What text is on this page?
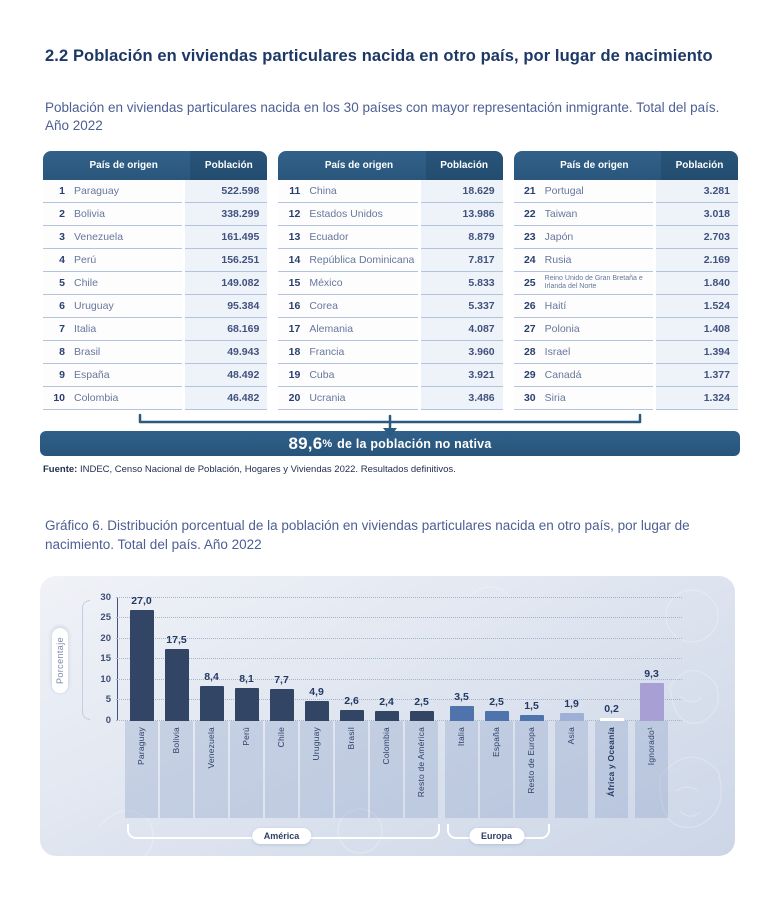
2.2 Población en viviendas particulares nacida en otro país, por lugar de nacimiento
Población en viviendas particulares nacida en los 30 países con mayor representación inmigrante. Total del país. Año 2022
País de origen	Población
1 Paraguay	522.598
2 Bolivia	338.299
3 Venezuela	161.495
4 Perú	156.251
5 Chile	149.082
6 Uruguay	95.384
7 Italia	68.169
8 Brasil	49.943
9 España	48.492
10 Colombia	46.482
País de origen	Población
11 China	18.629
12 Estados Unidos	13.986
13 Ecuador	8.879
14 República Dominicana	7.817
15 México	5.833
16 Corea	5.337
17 Alemania	4.087
18 Francia	3.960
19 Cuba	3.921
20 Ucrania	3.486
País de origen	Población
21 Portugal	3.281
22 Taiwan	3.018
23 Japón	2.703
24 Rusia	2.169
25	Reino Unido de Gran Bretaña e Irlanda del Norte	1.840
26 Haití	1.524
27 Polonia	1.408
28 Israel	1.394
29 Canadá	1.377
30 Siria	1.324
89,6 % de la población no nativa
Fuente: INDEC, Censo Nacional de Población, Hogares y Viviendas 2022. Resultados definitivos.
Gráfico 6. Distribución porcentual de la población en viviendas particulares nacida en otro país, por lugar de nacimiento. Total del país. Año 2022
Porcentaje
0
5
10
15
20
25
30 27,0
Paraguay
17,5
Bolivia
8,4
Venezuela
8,1
Perú
7,7
Chile
4,9
Uruguay
2,6
Brasil
2,4
Colombia
2,5
Resto de América
3,5
Italia
2,5
España
1,5
Resto de Europa
1,9
Asia
0,2
África y Oceanía
9,3
Ignorado¹
América	Europa
